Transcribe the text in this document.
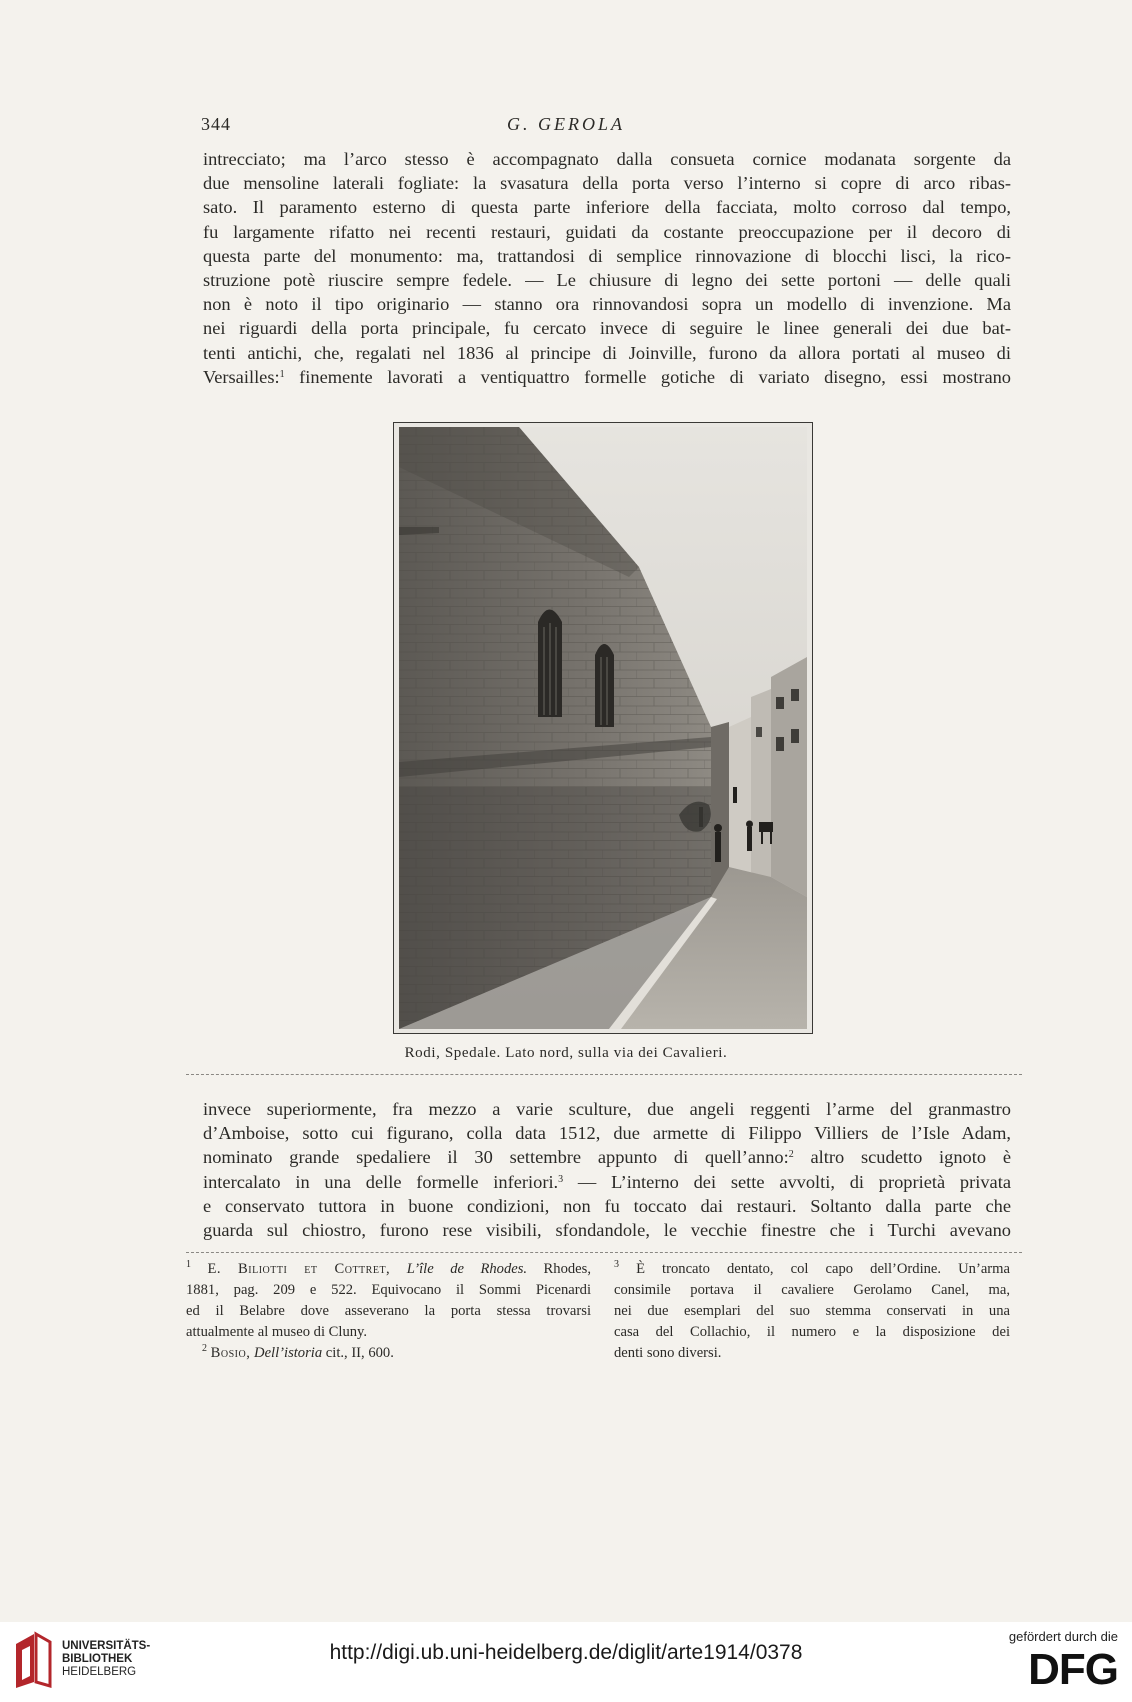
344	G. GEROLA
intrecciato; ma l’arco stesso è accompagnato dalla consueta cornice modanata sorgente da
due mensoline laterali fogliate: la svasatura della porta verso l’interno si copre di arco ribas-
sato. Il paramento esterno di questa parte inferiore della facciata, molto corroso dal tempo,
fu largamente rifatto nei recenti restauri, guidati da costante preoccupazione per il decoro di
questa parte del monumento: ma, trattandosi di semplice rinnovazione di blocchi lisci, la rico-
struzione potè riuscire sempre fedele. — Le chiusure di legno dei sette portoni — delle quali
non è noto il tipo originario — stanno ora rinnovandosi sopra un modello di invenzione. Ma
nei riguardi della porta principale, fu cercato invece di seguire le linee generali dei due bat-
tenti antichi, che, regalati nel 1836 al principe di Joinville, furono da allora portati al museo di
Versailles:$^1$ finemente lavorati a ventiquattro formelle gotiche di variato disegno, essi mostrano
Rodi, Spedale. Lato nord, sulla via dei Cavalieri.
invece superiormente, fra mezzo a varie sculture, due angeli reggenti l’arme del granmastro
d’Amboise, sotto cui figurano, colla data 1512, due armette di Filippo Villiers de l’Isle Adam,
nominato grande spedaliere il 30 settembre appunto di quell’anno:$^2$ altro scudetto ignoto è
intercalato in una delle formelle inferiori.$^3$ — L’interno dei sette avvolti, di proprietà privata
e conservato tuttora in buone condizioni, non fu toccato dai restauri. Soltanto dalla parte che
guarda sul chiostro, furono rese visibili, sfondandole, le vecchie finestre che i Turchi avevano
$^1$ E. Biliotti et Cottret, L’île de Rhodes. Rhodes,
1881, pag. 209 e 522. Equivocano il Sommi Picenardi
ed il Belabre dove asseverano la porta stessa trovarsi
attualmente al museo di Cluny.
$^2$ Bosio, Dell’istoria cit., II, 600.
$^3$ È troncato dentato, col capo dell’Ordine. Un’arma
consimile portava il cavaliere Gerolamo Canel, ma,
nei due esemplari del suo stemma conservati in una
casa del Collachio, il numero e la disposizione dei
denti sono diversi.
UNIVERSITÄTS-
BIBLIOTHEK
HEIDELBERG
http://digi.ub.uni-heidelberg.de/diglit/arte1914/0378
gefördert durch die
DFG
